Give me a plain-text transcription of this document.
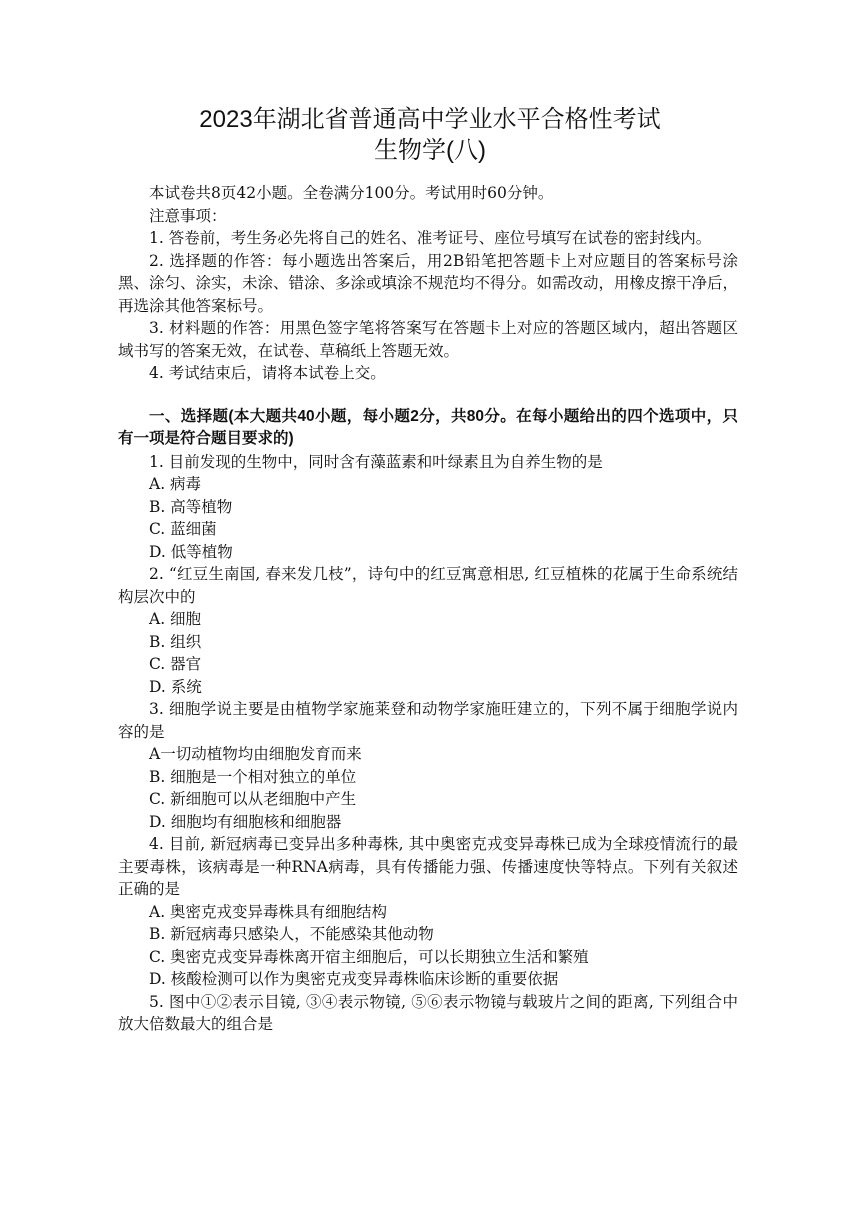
2023年湖北省普通高中学业水平合格性考试
生物学(八)

本试卷共8页42小题。全卷满分100分。考试用时60分钟。

注意事项：

1. 答卷前，考生务必先将自己的姓名、准考证号、座位号填写在试卷的密封线内。

2. 选择题的作答：每小题选出答案后，用2B铅笔把答题卡上对应题目的答案标号涂黑、涂匀、涂实，未涂、错涂、多涂或填涂不规范均不得分。如需改动，用橡皮擦干净后，再选涂其他答案标号。

3. 材料题的作答：用黑色签字笔将答案写在答题卡上对应的答题区域内，超出答题区域书写的答案无效，在试卷、草稿纸上答题无效。

4. 考试结束后，请将本试卷上交。

一、选择题(本大题共40小题，每小题2分，共80分。在每小题给出的四个选项中，只有一项是符合题目要求的)

1. 目前发现的生物中，同时含有藻蓝素和叶绿素且为自养生物的是

A. 病毒

B. 高等植物

C. 蓝细菌

D. 低等植物

2. “红豆生南国, 春来发几枝”，诗句中的红豆寓意相思, 红豆植株的花属于生命系统结构层次中的

A. 细胞

B. 组织

C. 器官

D. 系统

3. 细胞学说主要是由植物学家施莱登和动物学家施旺建立的，下列不属于细胞学说内容的是

A一切动植物均由细胞发育而来

B. 细胞是一个相对独立的单位

C. 新细胞可以从老细胞中产生

D. 细胞均有细胞核和细胞器

4. 目前, 新冠病毒已变异出多种毒株, 其中奥密克戎变异毒株已成为全球疫情流行的最主要毒株，该病毒是一种RNA病毒，具有传播能力强、传播速度快等特点。下列有关叙述正确的是

A. 奥密克戎变异毒株具有细胞结构

B. 新冠病毒只感染人，不能感染其他动物

C. 奥密克戎变异毒株离开宿主细胞后，可以长期独立生活和繁殖

D. 核酸检测可以作为奥密克戎变异毒株临床诊断的重要依据

5. 图中①②表示目镜, ③④表示物镜, ⑤⑥表示物镜与载玻片之间的距离, 下列组合中放大倍数最大的组合是
